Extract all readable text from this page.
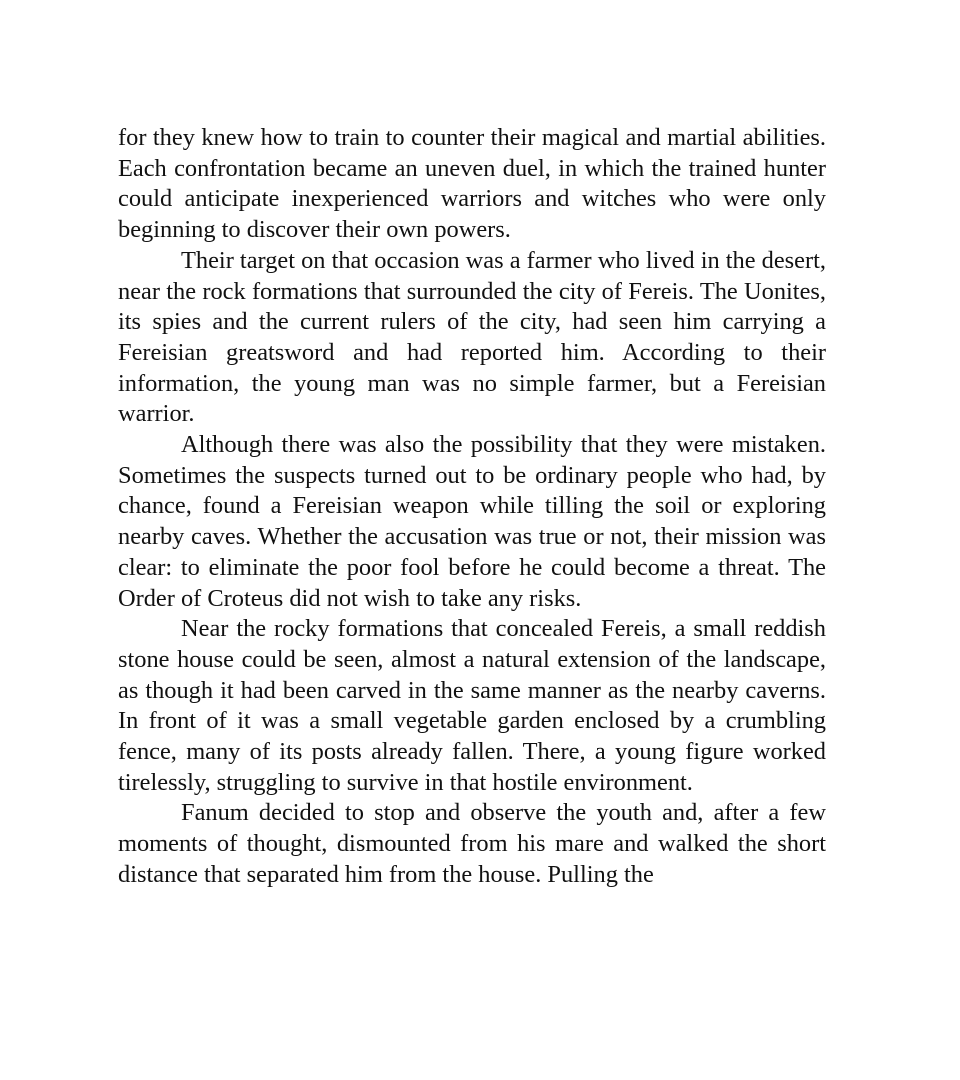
for they knew how to train to counter their magical and martial abilities. Each confrontation became an uneven duel, in which the trained hunter could anticipate inexperienced warriors and witches who were only beginning to discover their own powers.

Their target on that occasion was a farmer who lived in the desert, near the rock formations that surrounded the city of Fereis. The Uonites, its spies and the current rulers of the city, had seen him carrying a Fereisian greatsword and had reported him. According to their information, the young man was no simple farmer, but a Fereisian warrior.

Although there was also the possibility that they were mistaken. Sometimes the suspects turned out to be ordinary people who had, by chance, found a Fereisian weapon while tilling the soil or exploring nearby caves. Whether the accusation was true or not, their mission was clear: to eliminate the poor fool before he could become a threat. The Order of Croteus did not wish to take any risks.

Near the rocky formations that concealed Fereis, a small reddish stone house could be seen, almost a natural extension of the landscape, as though it had been carved in the same manner as the nearby caverns. In front of it was a small vegetable garden enclosed by a crumbling fence, many of its posts already fallen. There, a young figure worked tirelessly, struggling to survive in that hostile environment.

Fanum decided to stop and observe the youth and, after a few moments of thought, dismounted from his mare and walked the short distance that separated him from the house. Pulling the
